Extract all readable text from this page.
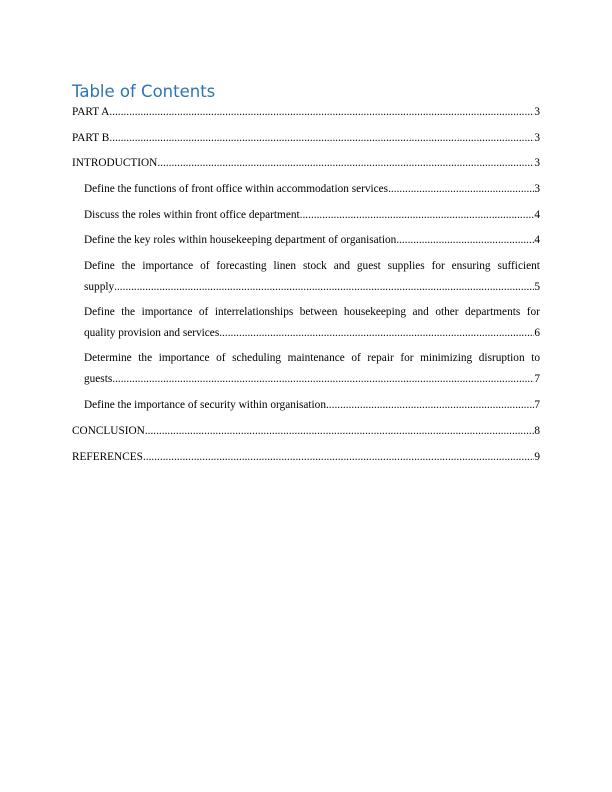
Table of Contents
PART A .....	3
PART B .....	3
INTRODUCTION .....	3
Define the functions of front office within accommodation services .....	3
Discuss the roles within front office department .....	4
Define the key roles within housekeeping department of organisation .....	4
Define the importance of forecasting linen stock and guest supplies for ensuring sufficient
supply .....	5
Define the importance of interrelationships between housekeeping and other departments for
quality provision and services .....	6
Determine the importance of scheduling maintenance of repair for minimizing disruption to
guests .....	7
Define the importance of security within organisation .....	7
CONCLUSION .....	8
REFERENCES .....	9
